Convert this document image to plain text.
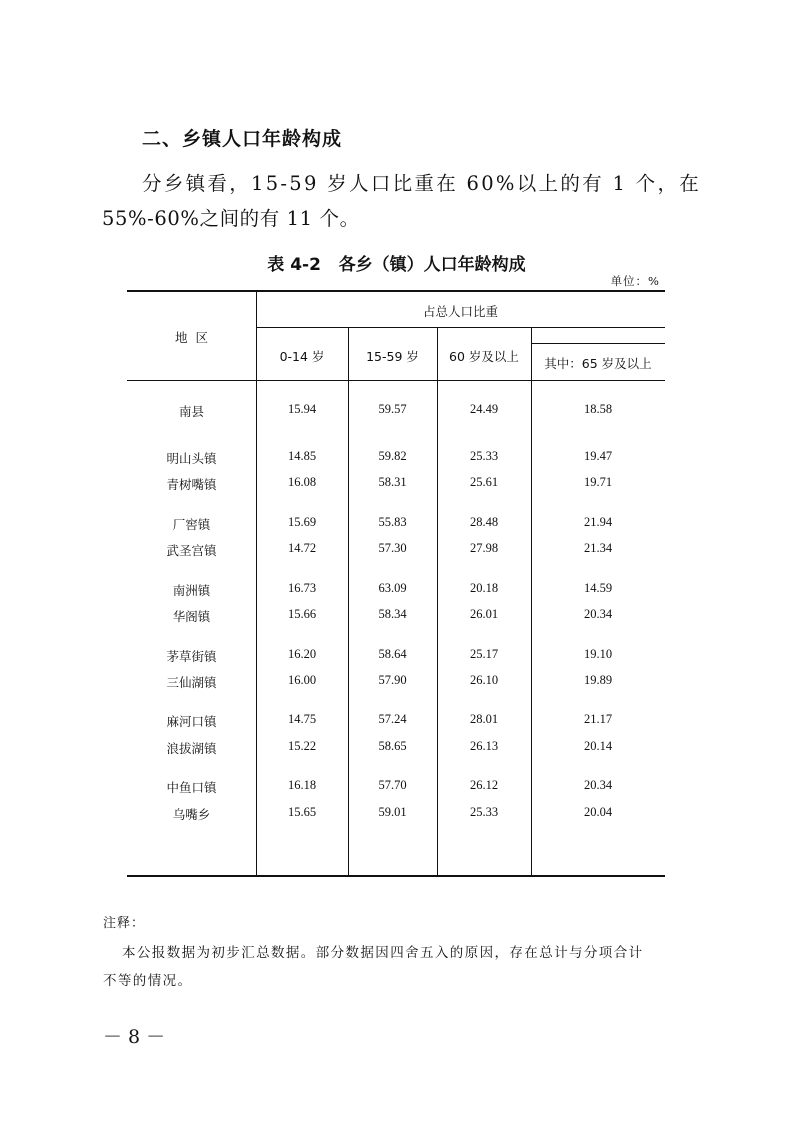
二、乡镇人口年龄构成
分乡镇看，15-59 岁人口比重在 60%以上的有 1 个，在
55%-60%之间的有 11 个。
表 4-2   各乡（镇）人口年龄构成
单位：%
地  区
占总人口比重
0-14 岁	15-59 岁	60 岁及以上	其中：65 岁及以上
南县	15.94	59.57	24.49	18.58
明山头镇	14.85	59.82	25.33	19.47
青树嘴镇	16.08	58.31	25.61	19.71
厂窖镇	15.69	55.83	28.48	21.94
武圣宫镇	14.72	57.30	27.98	21.34
南洲镇	16.73	63.09	20.18	14.59
华阁镇	15.66	58.34	26.01	20.34
茅草街镇	16.20	58.64	25.17	19.10
三仙湖镇	16.00	57.90	26.10	19.89
麻河口镇	14.75	57.24	28.01	21.17
浪拔湖镇	15.22	58.65	26.13	20.14
中鱼口镇	16.18	57.70	26.12	20.34
乌嘴乡	15.65	59.01	25.33	20.04
注释：
本公报数据为初步汇总数据。部分数据因四舍五入的原因，存在总计与分项合计
不等的情况。
－ 8 －
